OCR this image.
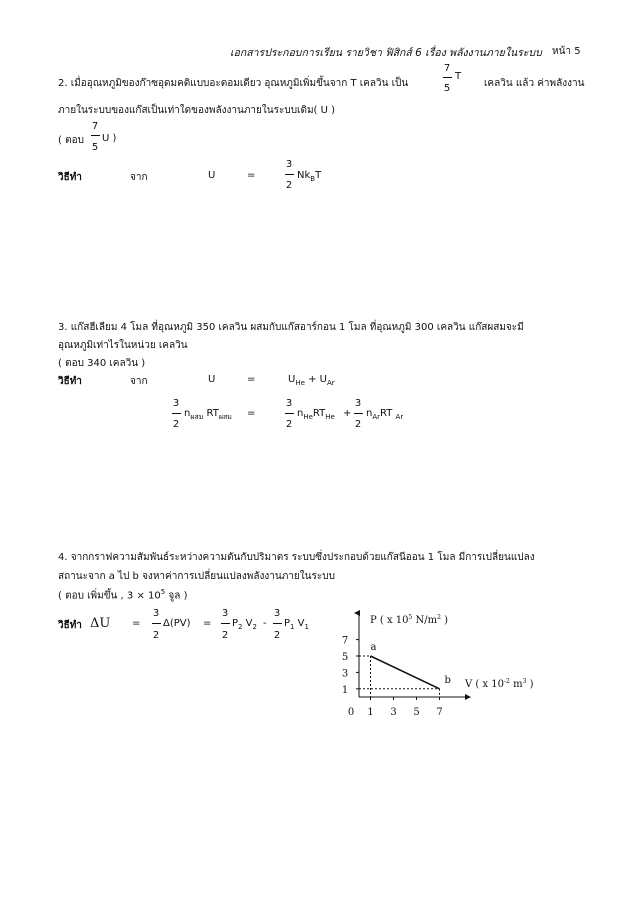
เอกสารประกอบการเรียน รายวิชา ฟิสิกส์ 6 เรื่อง พลังงานภายในระบบ หน้า 5
2. เมื่ออุณหภูมิของก๊าซอุดมคติแบบอะตอมเดียว อุณหภูมิเพิ่มขึ้นจาก T เคลวิน เป็น
7
5
T
เคลวิน แล้ว ค่าพลังงาน
ภายในระบบของแก๊สเป็นเท่าใดของพลังงานภายในระบบเดิม( U )
( ตอบ
7
5
U )
วิธีทำ	จาก	U	=
3
2
$Nk_BT$
3. แก๊สฮีเลียม 4 โมล ที่อุณหภูมิ 350 เคลวิน ผสมกับแก๊สอาร์กอน 1 โมล ที่อุณหภูมิ 300 เคลวิน แก๊สผสมจะมี
อุณหภูมิเท่าไรในหน่วย เคลวิน
( ตอบ 340 เคลวิน )
วิธีทำ	จาก	U	=	$U_{He} + U_{Ar}$
3
2
$n_{ผสม}$ $RT_{ผสม}$ =
3
2
$n_{He}RT_{He}$ +
3
2
$n_{Ar}RT$ $_{Ar}$
4. จากกราฟความสัมพันธ์ระหว่างความดันกับปริมาตร ระบบซึ่งประกอบด้วยแก๊สนีออน 1 โมล มีการเปลี่ยนแปลง
สถานะจาก a ไป b จงหาค่าการเปลี่ยนแปลงพลังงานภายในระบบ
( ตอบ เพิ่มขึ้น , $3 \times 10^5$ จูล )
วิธีทำ ΔU =
3
2
Δ(PV) =
3
2
$P_2$ $V_2$ -
3
2
$P_1$ $V_1$
0 1 3 5 7
7
5
3
1
a
b
P ( x $10^5$ $N/m^2$ )
V ( x $10^{-2}$ $m^3$ )
